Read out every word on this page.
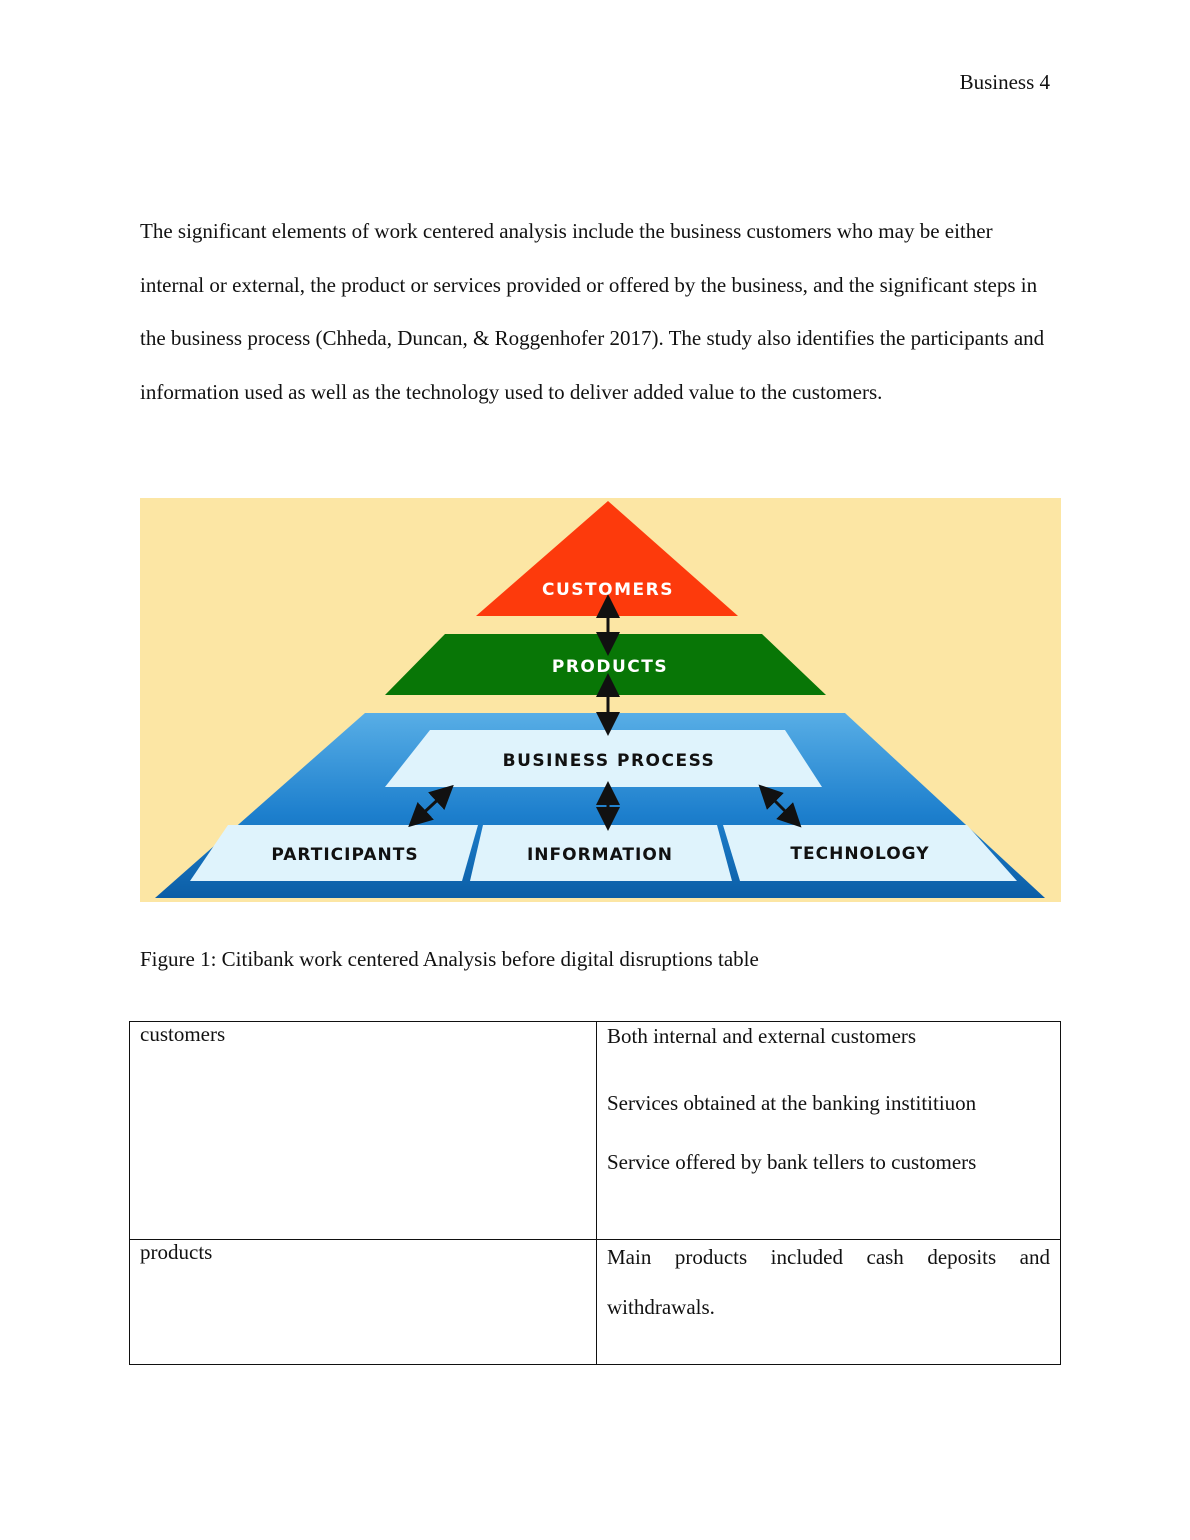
Business 4

The significant elements of work centered analysis include the business customers who may be either internal or external, the product or services provided or offered by the business, and the significant steps in the business process (Chheda, Duncan, & Roggenhofer 2017). The study also identifies the participants and information used as well as the technology used to deliver added value to the customers.

CUSTOMERS
PRODUCTS
BUSINESS PROCESS
PARTICIPANTS	INFORMATION	TECHNOLOGY
Figure 1: Citibank work centered Analysis before digital disruptions table
customers	Both internal and external customers

Services obtained at the banking instititiuon

Service offered by bank tellers to customers

products	Main products included cash deposits and

withdrawals.
